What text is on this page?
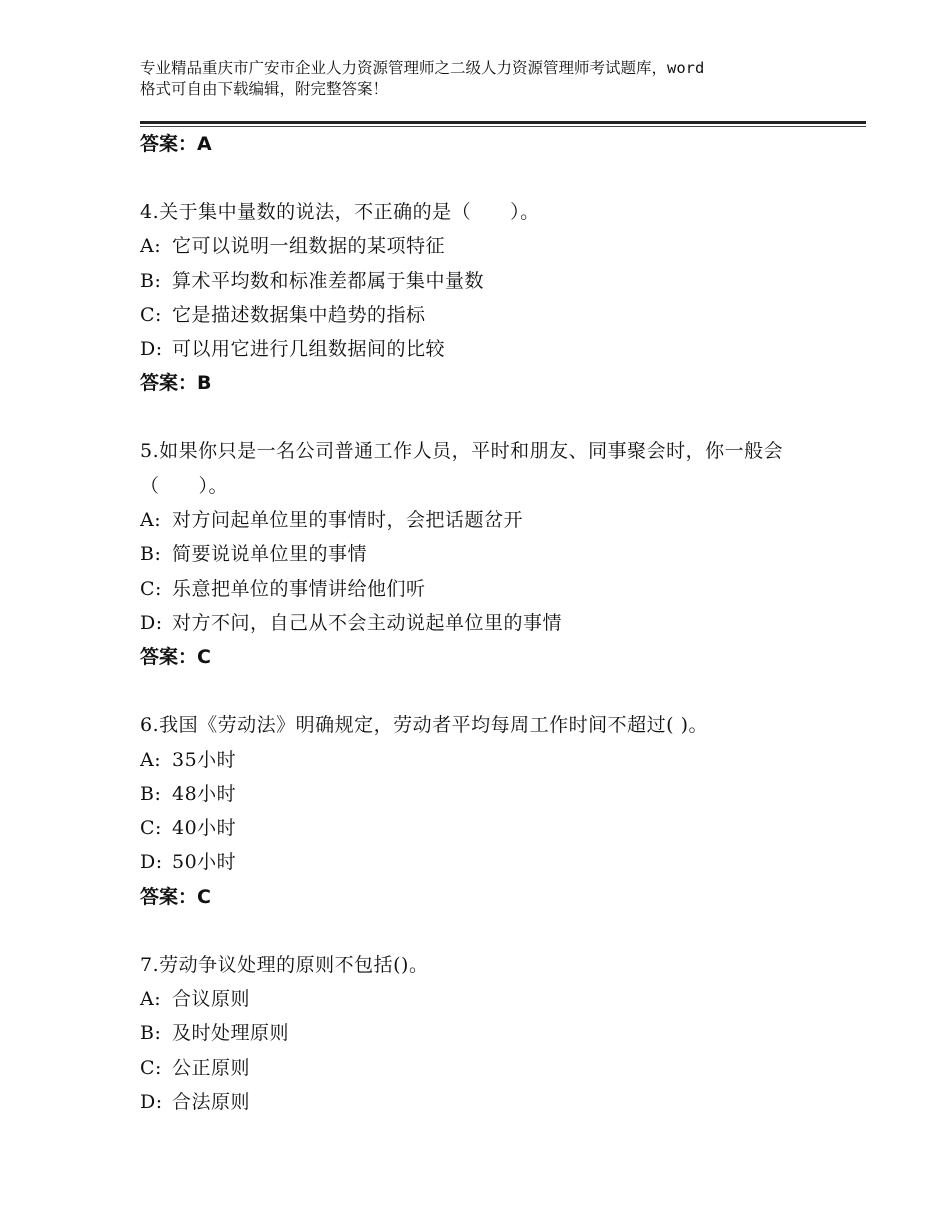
专业精品重庆市广安市企业人力资源管理师之二级人力资源管理师考试题库，word
格式可自由下载编辑，附完整答案！
答案：A
4.关于集中量数的说法，不正确的是（　　）。
A: 它可以说明一组数据的某项特征
B: 算术平均数和标准差都属于集中量数
C: 它是描述数据集中趋势的指标
D: 可以用它进行几组数据间的比较
答案：B
5.如果你只是一名公司普通工作人员，平时和朋友、同事聚会时，你一般会（　　）。
A: 对方问起单位里的事情时，会把话题岔开
B: 简要说说单位里的事情
C: 乐意把单位的事情讲给他们听
D: 对方不问，自己从不会主动说起单位里的事情
答案：C
6.我国《劳动法》明确规定，劳动者平均每周工作时间不超过( )。
A: 35小时
B: 48小时
C: 40小时
D: 50小时
答案：C
7.劳动争议处理的原则不包括()。
A: 合议原则
B: 及时处理原则
C: 公正原则
D: 合法原则
